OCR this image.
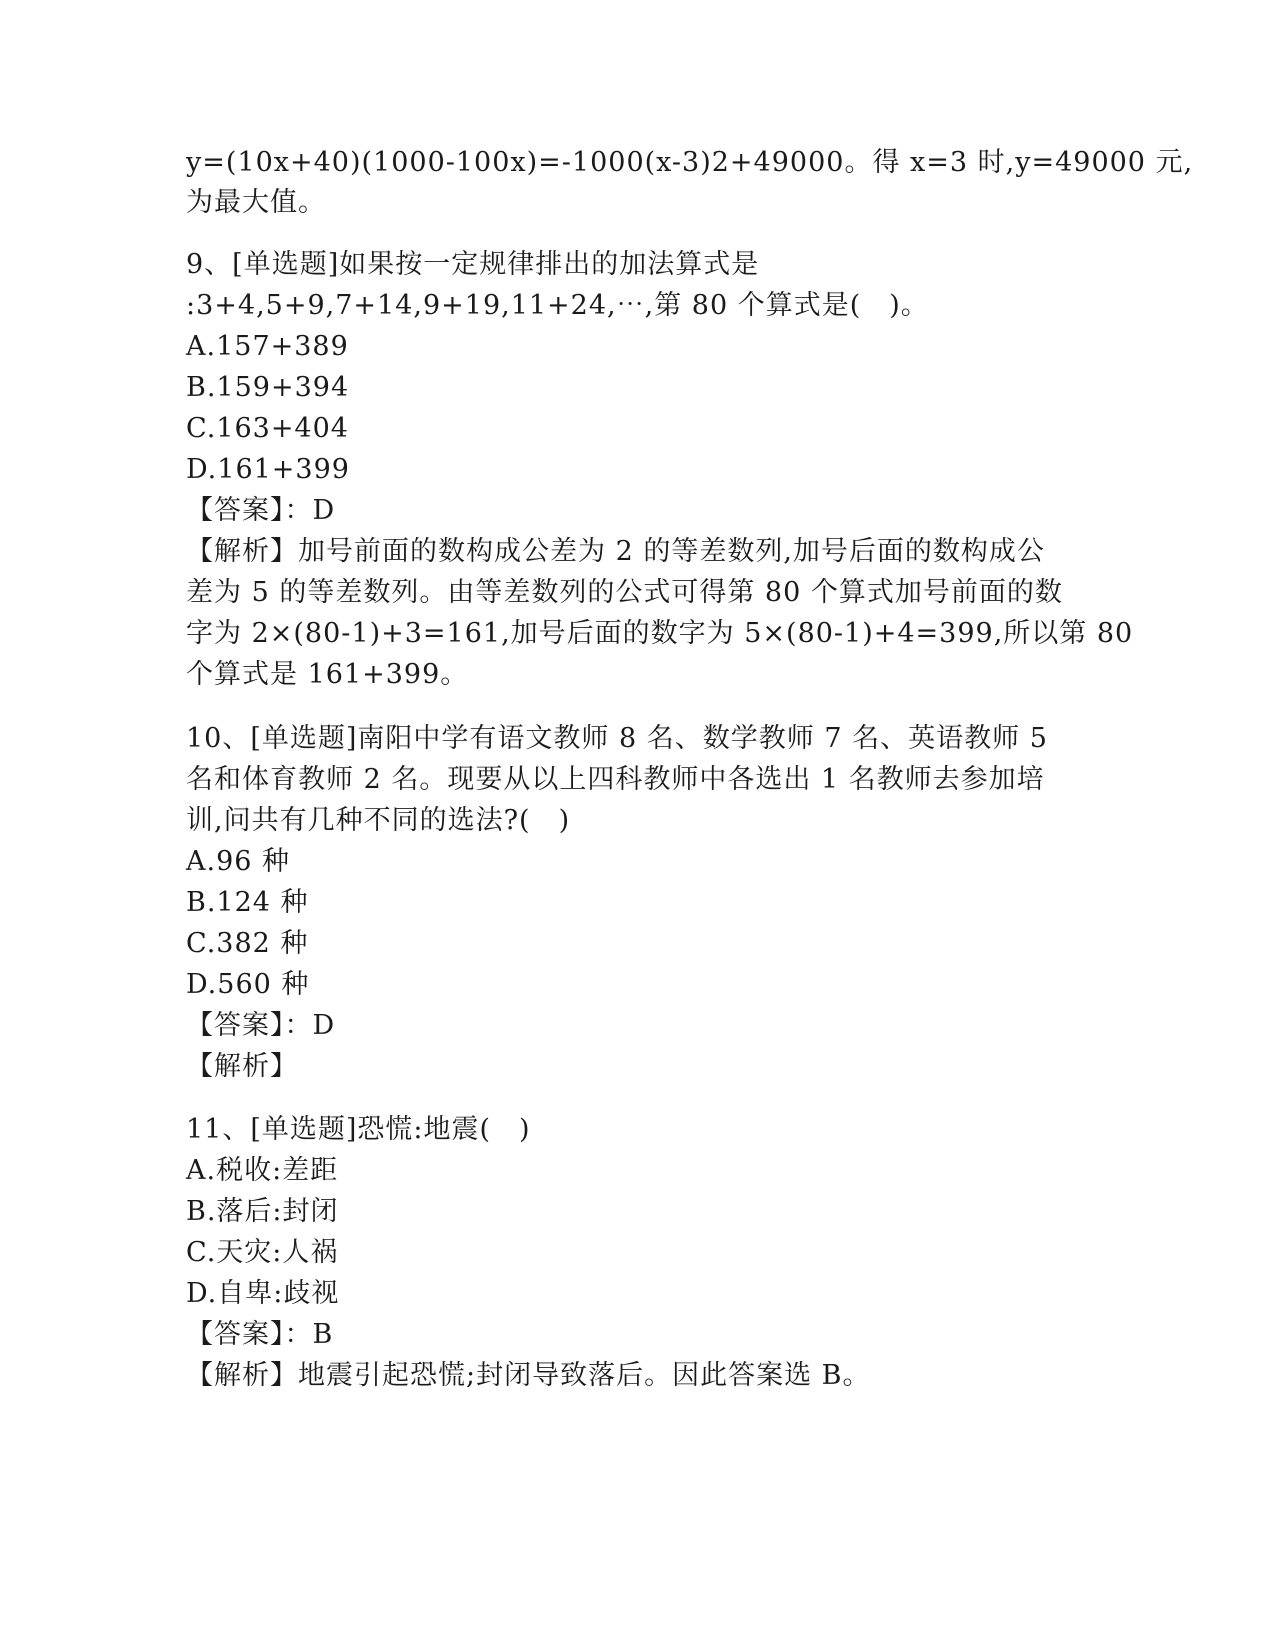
y=(10x+40)(1000-100x)=-1000(x-3)2+49000。得 x=3 时,y=49000 元,
为最大值。
9、[单选题]如果按一定规律排出的加法算式是
:3+4,5+9,7+14,9+19,11+24,⋯,第 80 个算式是(　)。
A.157+389
B.159+394
C.163+404
D.161+399
【答案】：D
【解析】加号前面的数构成公差为 2 的等差数列,加号后面的数构成公
差为 5 的等差数列。由等差数列的公式可得第 80 个算式加号前面的数
字为 2×(80-1)+3=161,加号后面的数字为 5×(80-1)+4=399,所以第 80
个算式是 161+399。
10、[单选题]南阳中学有语文教师 8 名、数学教师 7 名、英语教师 5
名和体育教师 2 名。现要从以上四科教师中各选出 1 名教师去参加培
训,问共有几种不同的选法?(　)
A.96 种
B.124 种
C.382 种
D.560 种
【答案】：D
【解析】
11、[单选题]恐慌:地震(　)
A.税收:差距
B.落后:封闭
C.天灾:人祸
D.自卑:歧视
【答案】：B
【解析】地震引起恐慌;封闭导致落后。因此答案选 B。
